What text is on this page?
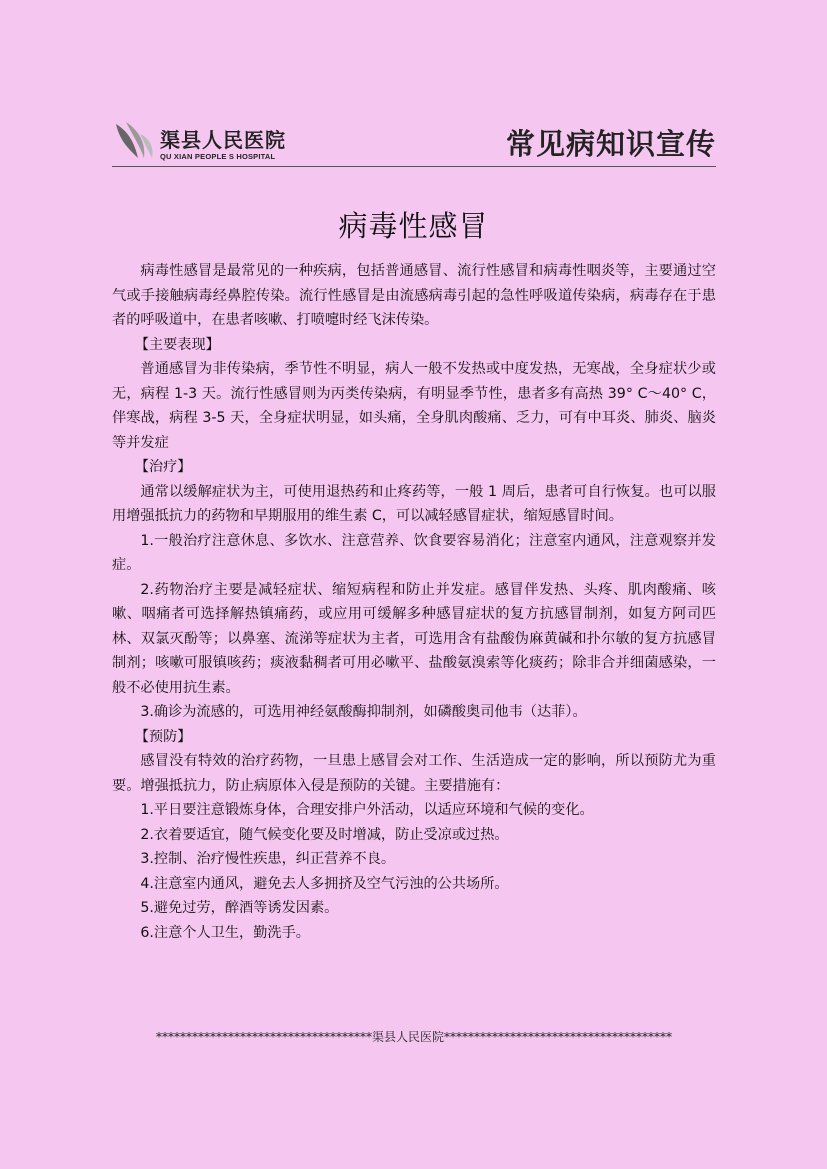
渠县人民医院
QU XIAN PEOPLE S HOSPITAL	常见病知识宣传
病毒性感冒

病毒性感冒是最常见的一种疾病，包括普通感冒、流行性感冒和病毒性咽炎等，主要通过空气或手接触病毒经鼻腔传染。流行性感冒是由流感病毒引起的急性呼吸道传染病，病毒存在于患者的呼吸道中，在患者咳嗽、打喷嚏时经飞沫传染。

【主要表现】

普通感冒为非传染病，季节性不明显，病人一般不发热或中度发热，无寒战，全身症状少或无，病程 1-3 天。流行性感冒则为丙类传染病，有明显季节性，患者多有高热 39° C～40° C，伴寒战，病程 3-5 天，全身症状明显，如头痛，全身肌肉酸痛、乏力，可有中耳炎、肺炎、脑炎等并发症

【治疗】

通常以缓解症状为主，可使用退热药和止疼药等，一般 1 周后，患者可自行恢复。也可以服用增强抵抗力的药物和早期服用的维生素 C，可以减轻感冒症状，缩短感冒时间。

1.一般治疗注意休息、多饮水、注意营养、饮食要容易消化；注意室内通风，注意观察并发症。

2.药物治疗主要是减轻症状、缩短病程和防止并发症。感冒伴发热、头疼、肌肉酸痛、咳嗽、咽痛者可选择解热镇痛药，或应用可缓解多种感冒症状的复方抗感冒制剂，如复方阿司匹林、双氯灭酚等；以鼻塞、流涕等症状为主者，可选用含有盐酸伪麻黄碱和扑尔敏的复方抗感冒制剂；咳嗽可服镇咳药；痰液黏稠者可用必嗽平、盐酸氨溴索等化痰药；除非合并细菌感染，一般不必使用抗生素。

3.确诊为流感的，可选用神经氨酸酶抑制剂，如磷酸奥司他韦（达菲）。

【预防】

感冒没有特效的治疗药物，一旦患上感冒会对工作、生活造成一定的影响，所以预防尤为重要。增强抵抗力，防止病原体入侵是预防的关键。主要措施有：

1.平日要注意锻炼身体，合理安排户外活动，以适应环境和气候的变化。

2.衣着要适宜，随气候变化要及时增减，防止受凉或过热。

3.控制、治疗慢性疾患，纠正营养不良。

4.注意室内通风，避免去人多拥挤及空气污浊的公共场所。

5.避免过劳，醉酒等诱发因素。

6.注意个人卫生，勤洗手。

************************************渠县人民医院**************************************
